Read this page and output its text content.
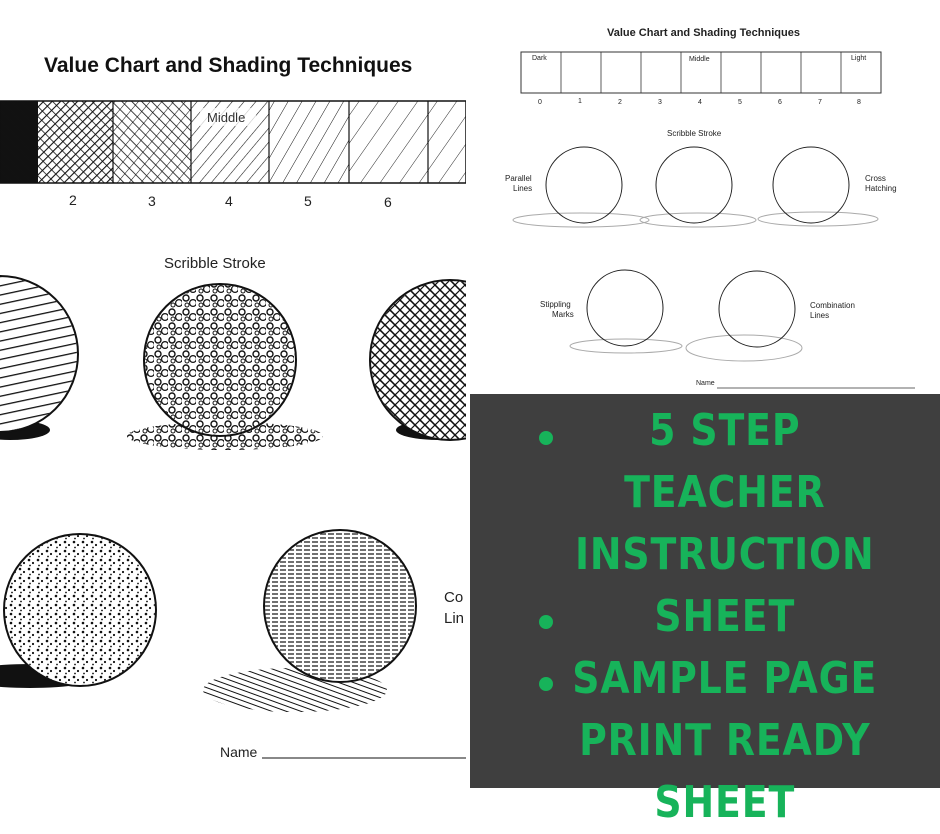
Value Chart and Shading Techniques
Middle
2	3	4	5	6
Scribble Stroke
Co
Lin
Name
Value Chart and Shading Techniques
Dark	Middle	Light
0	1	2	3	4	5	6	7	8
Scribble Stroke
Parallel
Lines
Cross
Hatching
Stippling
Marks
Combination
Lines
Name
5 STEP TEACHER
INSTRUCTION
SHEET
SAMPLE PAGE
PRINT READY
SHEET
